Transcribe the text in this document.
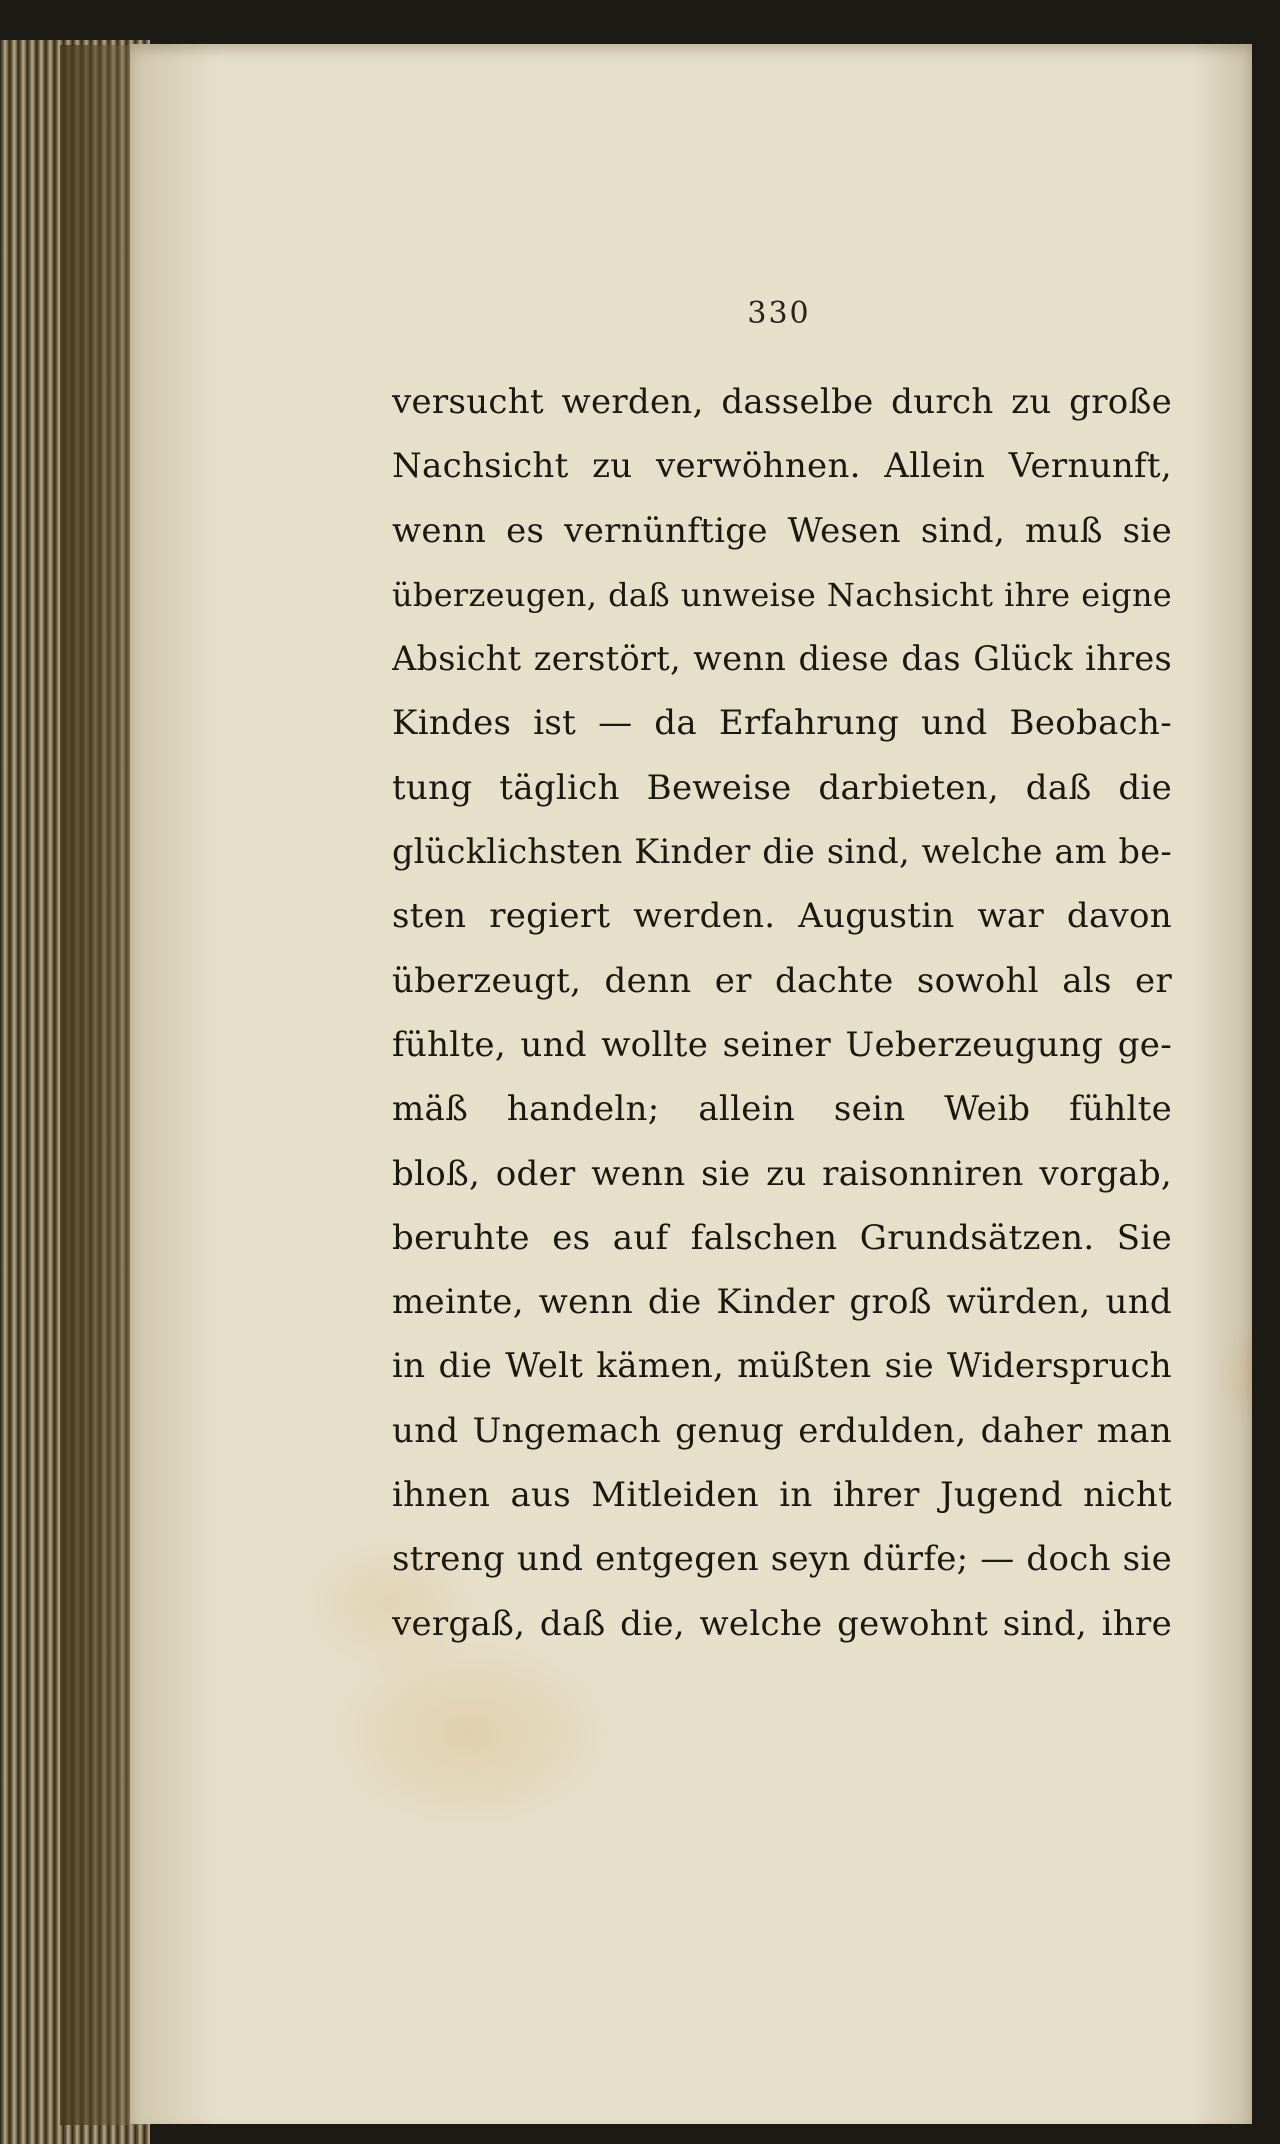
330
versucht werden, dasselbe durch zu große
Nachsicht zu verwöhnen. Allein Vernunft,
wenn es vernünftige Wesen sind, muß sie
überzeugen, daß unweise Nachsicht ihre eigne
Absicht zerstört, wenn diese das Glück ihres
Kindes ist — da Erfahrung und Beobach-
tung täglich Beweise darbieten, daß die
glücklichsten Kinder die sind, welche am be-
sten regiert werden. Augustin war davon
überzeugt, denn er dachte sowohl als er
fühlte, und wollte seiner Ueberzeugung ge-
mäß handeln; allein sein Weib fühlte
bloß, oder wenn sie zu raisonniren vorgab,
beruhte es auf falschen Grundsätzen. Sie
meinte, wenn die Kinder groß würden, und
in die Welt kämen, müßten sie Widerspruch
und Ungemach genug erdulden, daher man
ihnen aus Mitleiden in ihrer Jugend nicht
streng und entgegen seyn dürfe; — doch sie
vergaß, daß die, welche gewohnt sind, ihre
